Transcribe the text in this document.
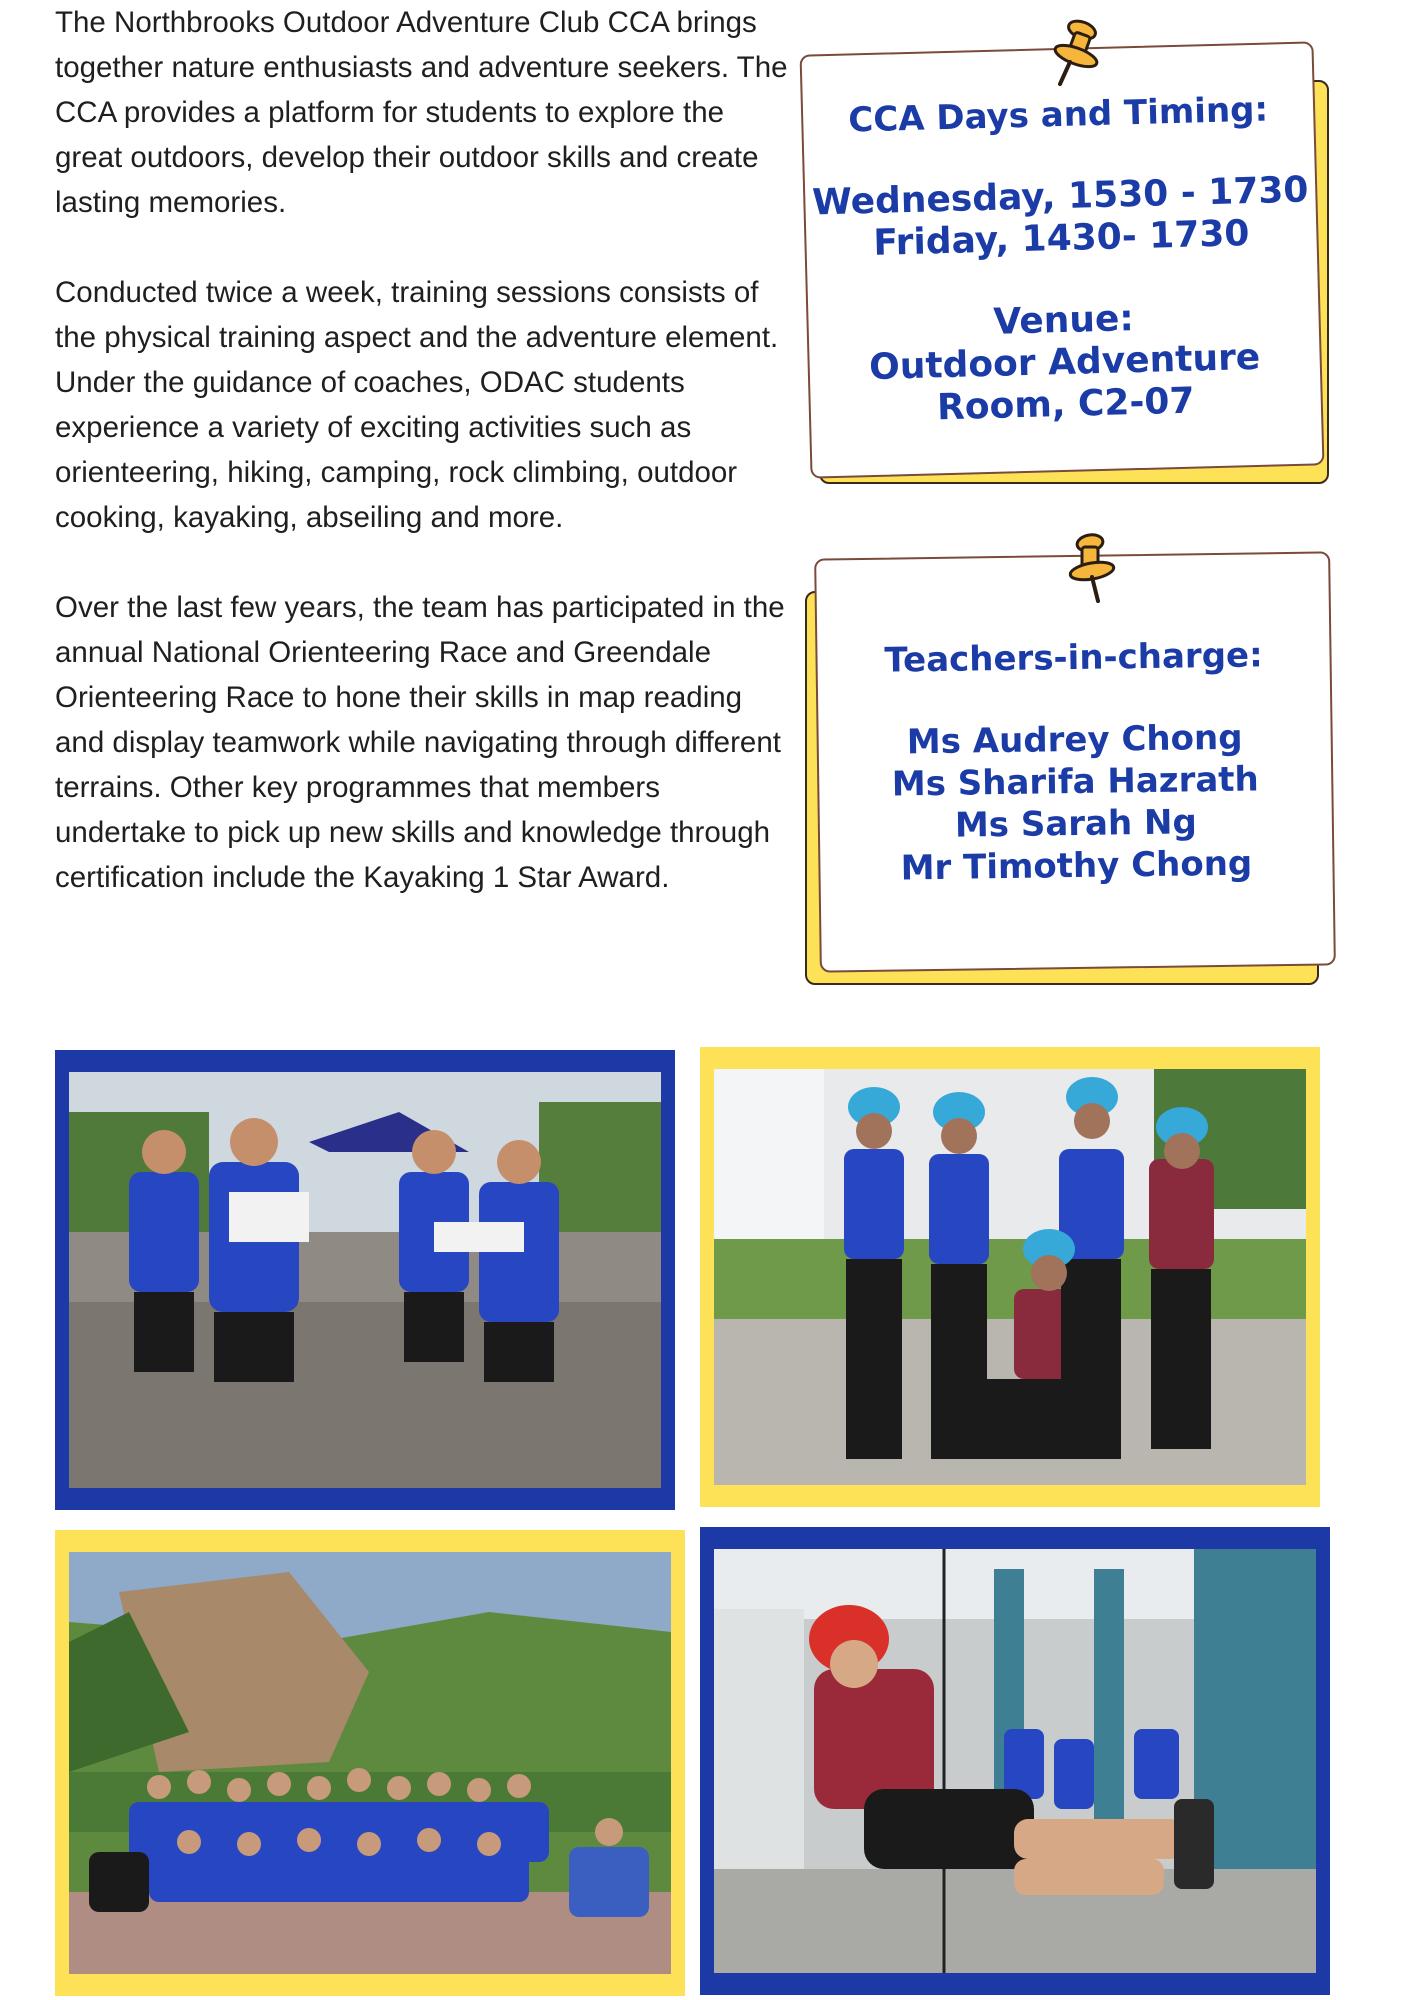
The Northbrooks Outdoor Adventure Club CCA brings together nature enthusiasts and adventure seekers. The CCA provides a platform for students to explore the great outdoors, develop their outdoor skills and create lasting memories.

Conducted twice a week, training sessions consists of the physical training aspect and the adventure element. Under the guidance of coaches, ODAC students experience a variety of exciting activities such as orienteering, hiking, camping, rock climbing, outdoor cooking, kayaking, abseiling and more.

Over the last few years, the team has participated in the annual National Orienteering Race and Greendale Orienteering Race to hone their skills in map reading and display teamwork while navigating through different terrains. Other key programmes that members undertake to pick up new skills and knowledge through certification include the Kayaking 1 Star Award.

CCA Days and Timing:
Wednesday, 1530 - 1730
Friday, 1430- 1730
Venue:
Outdoor Adventure
Room, C2-07
Teachers-in-charge:
Ms Audrey Chong
Ms Sharifa Hazrath
Ms Sarah Ng
Mr Timothy Chong
